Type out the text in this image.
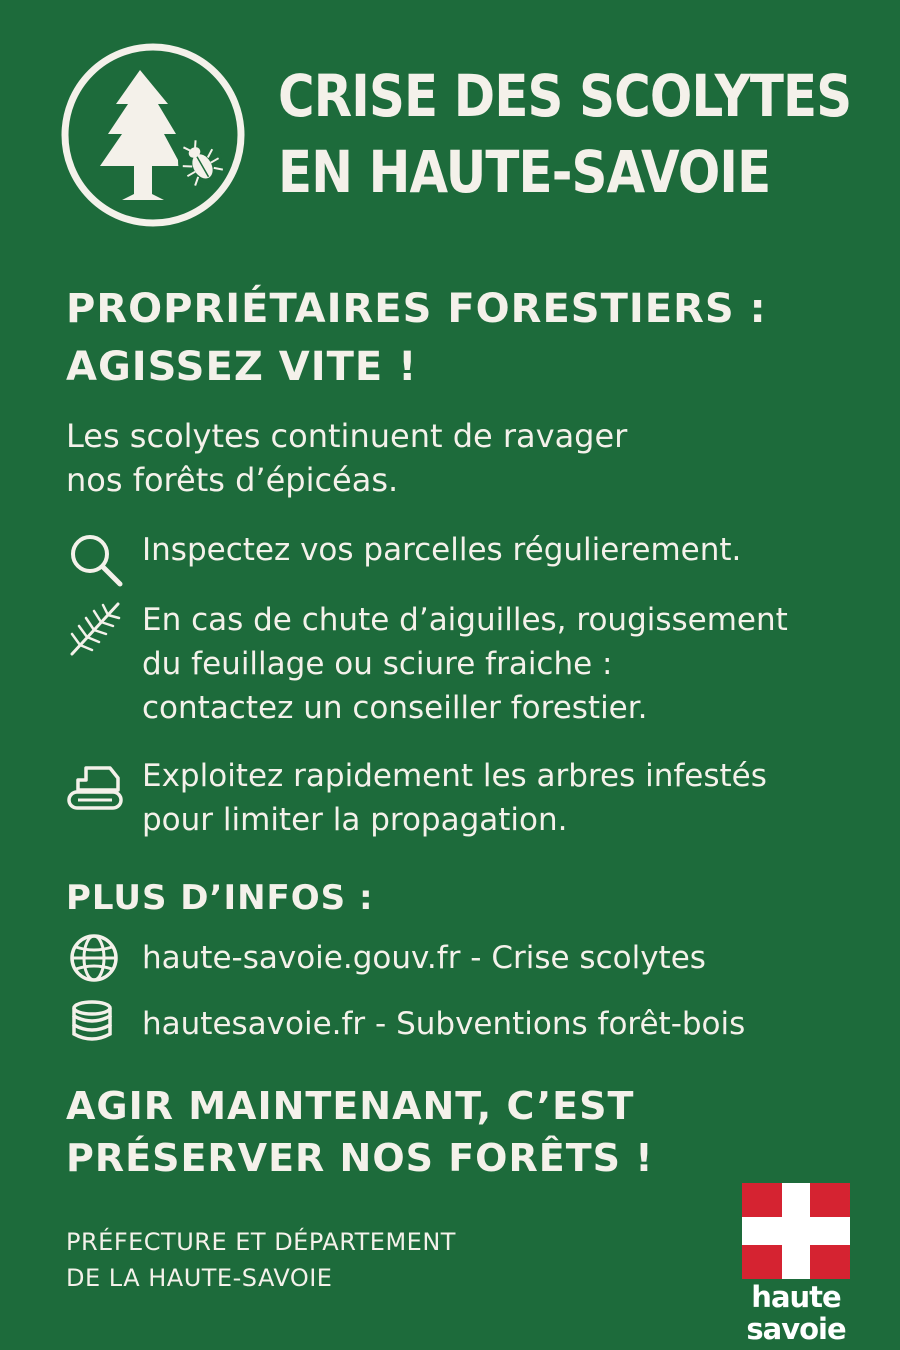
CRISE DES SCOLYTES
EN HAUTE-SAVOIE
PROPRIÉTAIRES FORESTIERS :
AGISSEZ VITE !
Les scolytes continuent de ravager
nos forêts d’épicéas.
Inspectez vos parcelles régulierement.
En cas de chute d’aiguilles, rougissement
du feuillage ou sciure fraiche :
contactez un conseiller forestier.
Exploitez rapidement les arbres infestés
pour limiter la propagation.
PLUS D’INFOS :
haute-savoie.gouv.fr - Crise scolytes
hautesavoie.fr - Subventions forêt-bois
AGIR MAINTENANT, C’EST
PRÉSERVER NOS FORÊTS !
PRÉFECTURE ET DÉPARTEMENT
DE LA HAUTE-SAVOIE
haute
savoie
